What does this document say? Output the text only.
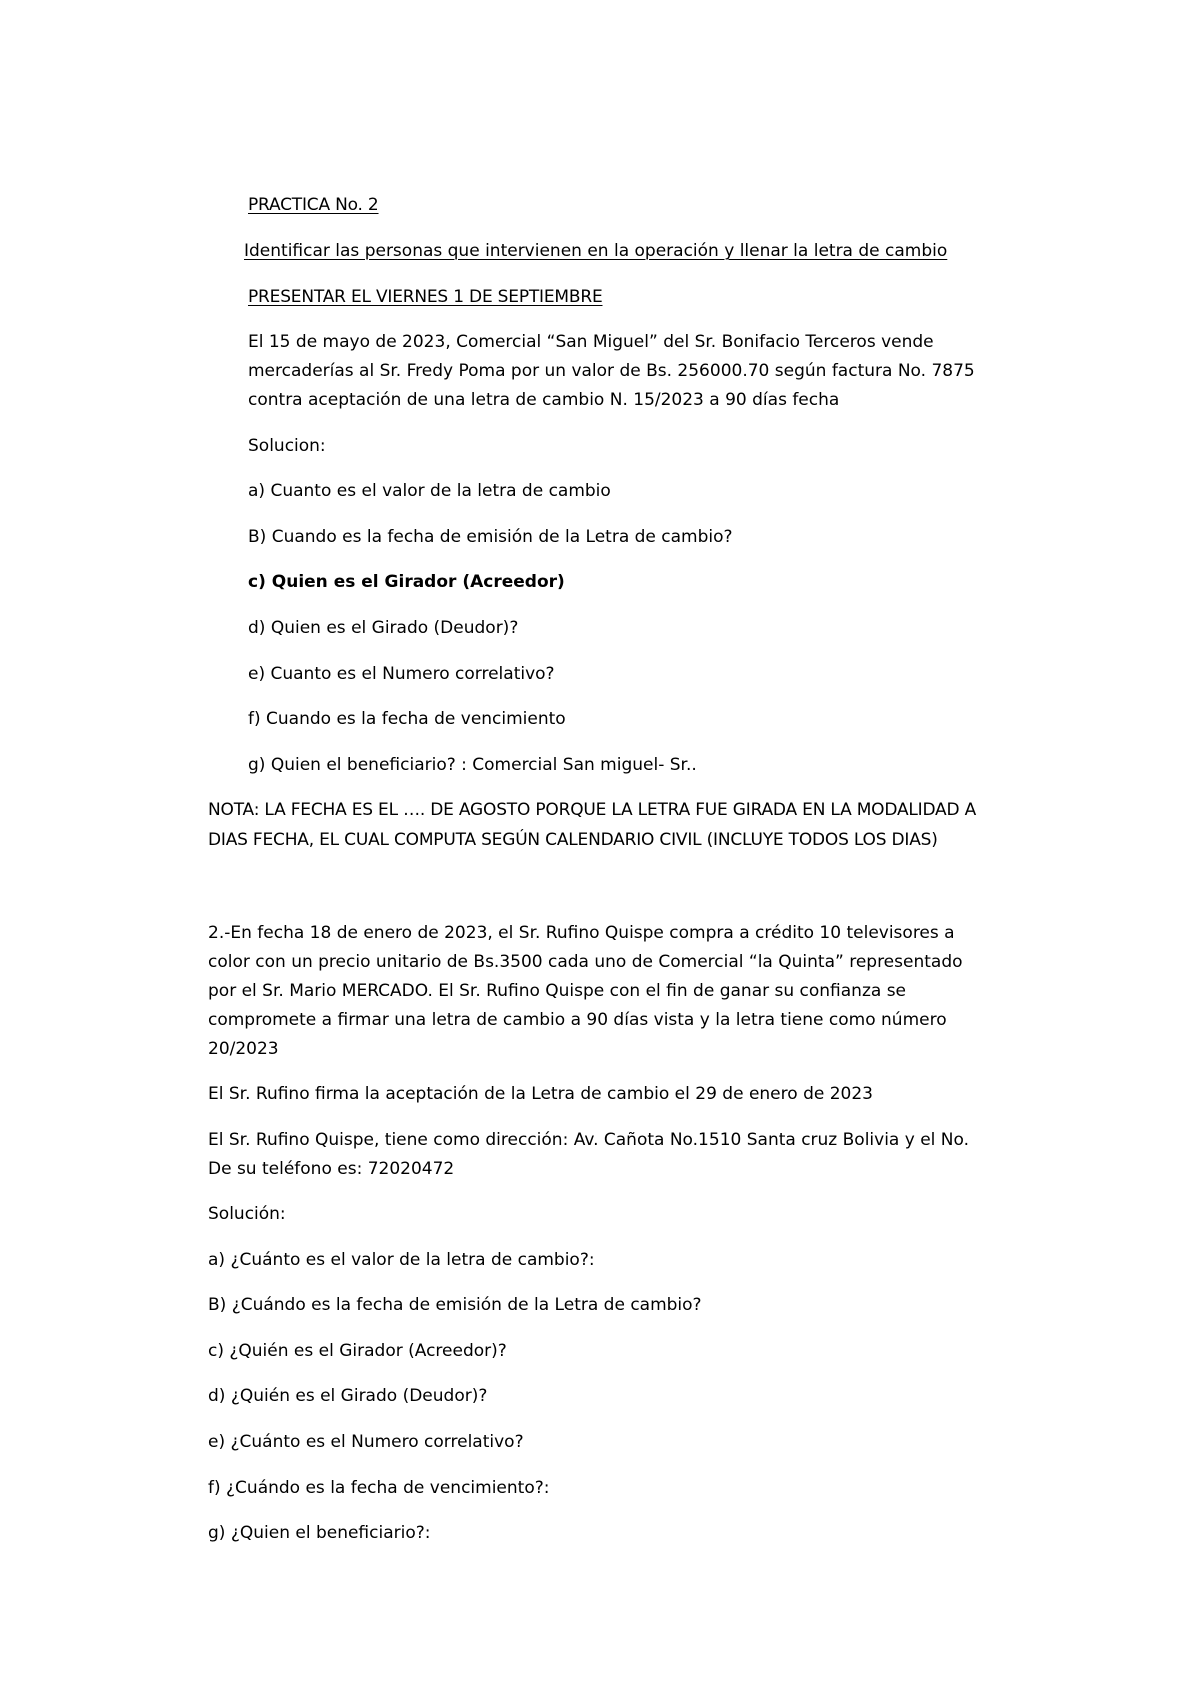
PRACTICA No. 2
Identificar las personas que intervienen en la operación y llenar la letra de cambio
PRESENTAR EL VIERNES 1 DE SEPTIEMBRE
El 15 de mayo de 2023, Comercial “San Miguel” del Sr. Bonifacio Terceros vende
mercaderías al Sr. Fredy Poma por un valor de Bs. 256000.70 según factura No. 7875
contra aceptación de una letra de cambio N. 15/2023 a 90 días fecha
Solucion:
a) Cuanto es el valor de la letra de cambio
B) Cuando es la fecha de emisión de la Letra de cambio?
c) Quien es el Girador (Acreedor)
d) Quien es el Girado (Deudor)?
e) Cuanto es el Numero correlativo?
f) Cuando es la fecha de vencimiento
g) Quien el beneficiario? : Comercial San miguel- Sr..
NOTA: LA FECHA ES EL …. DE AGOSTO PORQUE LA LETRA FUE GIRADA EN LA MODALIDAD A
DIAS FECHA, EL CUAL COMPUTA SEGÚN CALENDARIO CIVIL (INCLUYE TODOS LOS DIAS)
2.-En fecha 18 de enero de 2023, el Sr. Rufino Quispe compra a crédito 10 televisores a
color con un precio unitario de Bs.3500 cada uno de Comercial “la Quinta” representado
por el Sr. Mario MERCADO. El Sr. Rufino Quispe con el fin de ganar su confianza se
compromete a firmar una letra de cambio a 90 días vista y la letra tiene como número
20/2023
El Sr. Rufino firma la aceptación de la Letra de cambio el 29 de enero de 2023
El Sr. Rufino Quispe, tiene como dirección: Av. Cañota No.1510 Santa cruz Bolivia y el No.
De su teléfono es: 72020472
Solución:
a) ¿Cuánto es el valor de la letra de cambio?:
B) ¿Cuándo es la fecha de emisión de la Letra de cambio?
c) ¿Quién es el Girador (Acreedor)?
d) ¿Quién es el Girado (Deudor)?
e) ¿Cuánto es el Numero correlativo?
f) ¿Cuándo es la fecha de vencimiento?:
g) ¿Quien el beneficiario?:
